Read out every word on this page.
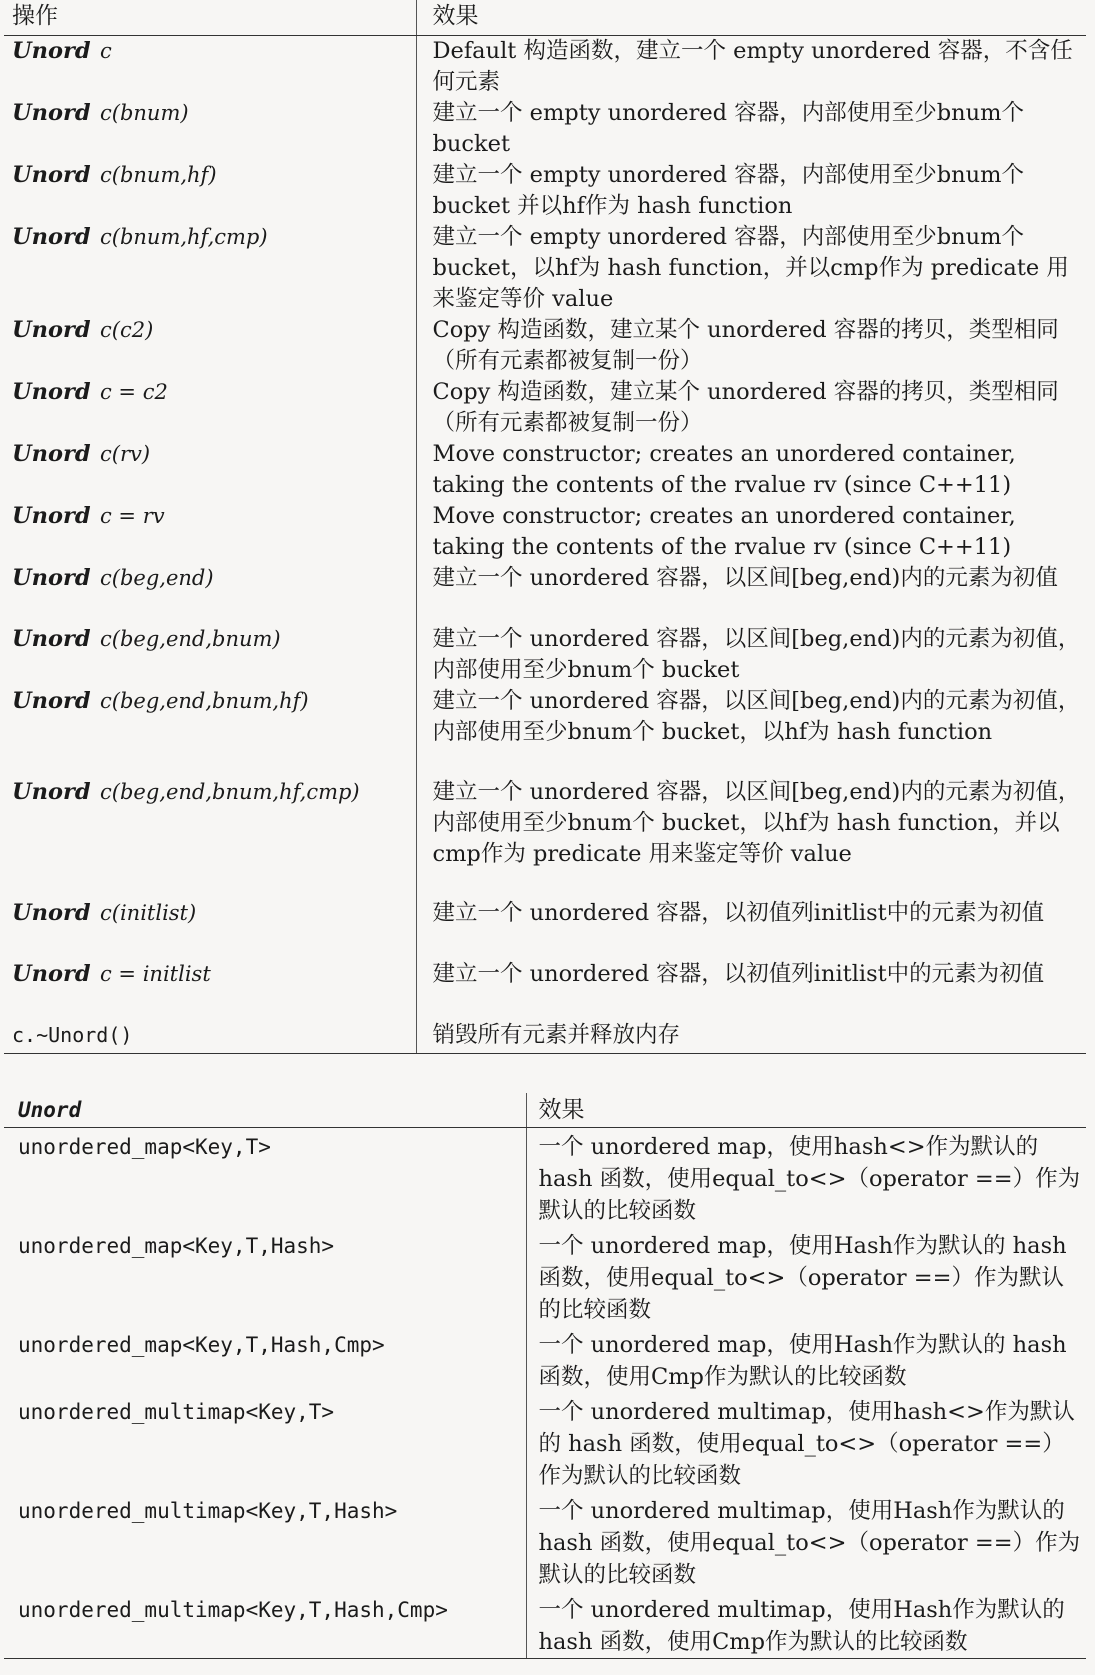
操作	效果
Unord c	Default 构造函数，建立一个 empty unordered 容器，不含任何元素
Unord c(bnum)	建立一个 empty unordered 容器，内部使用至少bnum个 bucket
Unord c(bnum,hf)	建立一个 empty unordered 容器，内部使用至少bnum个 bucket 并以hf作为 hash function
Unord c(bnum,hf,cmp)	建立一个 empty unordered 容器，内部使用至少bnum个 bucket，以hf为 hash function，并以cmp作为 predicate 用来鉴定等价 value
Unord c(c2)	Copy 构造函数，建立某个 unordered 容器的拷贝，类型相同（所有元素都被复制一份）
Unord c = c2	Copy 构造函数，建立某个 unordered 容器的拷贝，类型相同（所有元素都被复制一份）
Unord c(rv)	Move constructor; creates an unordered container, taking the contents of the rvalue rv (since C++11)
Unord c = rv	Move constructor; creates an unordered container, taking the contents of the rvalue rv (since C++11)
Unord c(beg,end)	建立一个 unordered 容器，以区间[beg,end)内的元素为初值
Unord c(beg,end,bnum)	建立一个 unordered 容器，以区间[beg,end)内的元素为初值，内部使用至少bnum个 bucket
Unord c(beg,end,bnum,hf)	建立一个 unordered 容器，以区间[beg,end)内的元素为初值，内部使用至少bnum个 bucket，以hf为 hash function
Unord c(beg,end,bnum,hf,cmp)	建立一个 unordered 容器，以区间[beg,end)内的元素为初值，内部使用至少bnum个 bucket，以hf为 hash function，并以cmp作为 predicate 用来鉴定等价 value
Unord c(initlist)	建立一个 unordered 容器，以初值列initlist中的元素为初值
Unord c = initlist	建立一个 unordered 容器，以初值列initlist中的元素为初值
c.~Unord()	销毁所有元素并释放内存
Unord	效果
unordered_map<Key,T>	一个 unordered map，使用hash<>作为默认的 hash 函数，使用equal_to<>（operator ==）作为默认的比较函数
unordered_map<Key,T,Hash>	一个 unordered map，使用Hash作为默认的 hash 函数，使用equal_to<>（operator ==）作为默认的比较函数
unordered_map<Key,T,Hash,Cmp>	一个 unordered map，使用Hash作为默认的 hash 函数，使用Cmp作为默认的比较函数
unordered_multimap<Key,T>	一个 unordered multimap，使用hash<>作为默认的 hash 函数，使用equal_to<>（operator ==）作为默认的比较函数
unordered_multimap<Key,T,Hash>	一个 unordered multimap，使用Hash作为默认的 hash 函数，使用equal_to<>（operator ==）作为默认的比较函数
unordered_multimap<Key,T,Hash,Cmp>	一个 unordered multimap，使用Hash作为默认的 hash 函数，使用Cmp作为默认的比较函数
